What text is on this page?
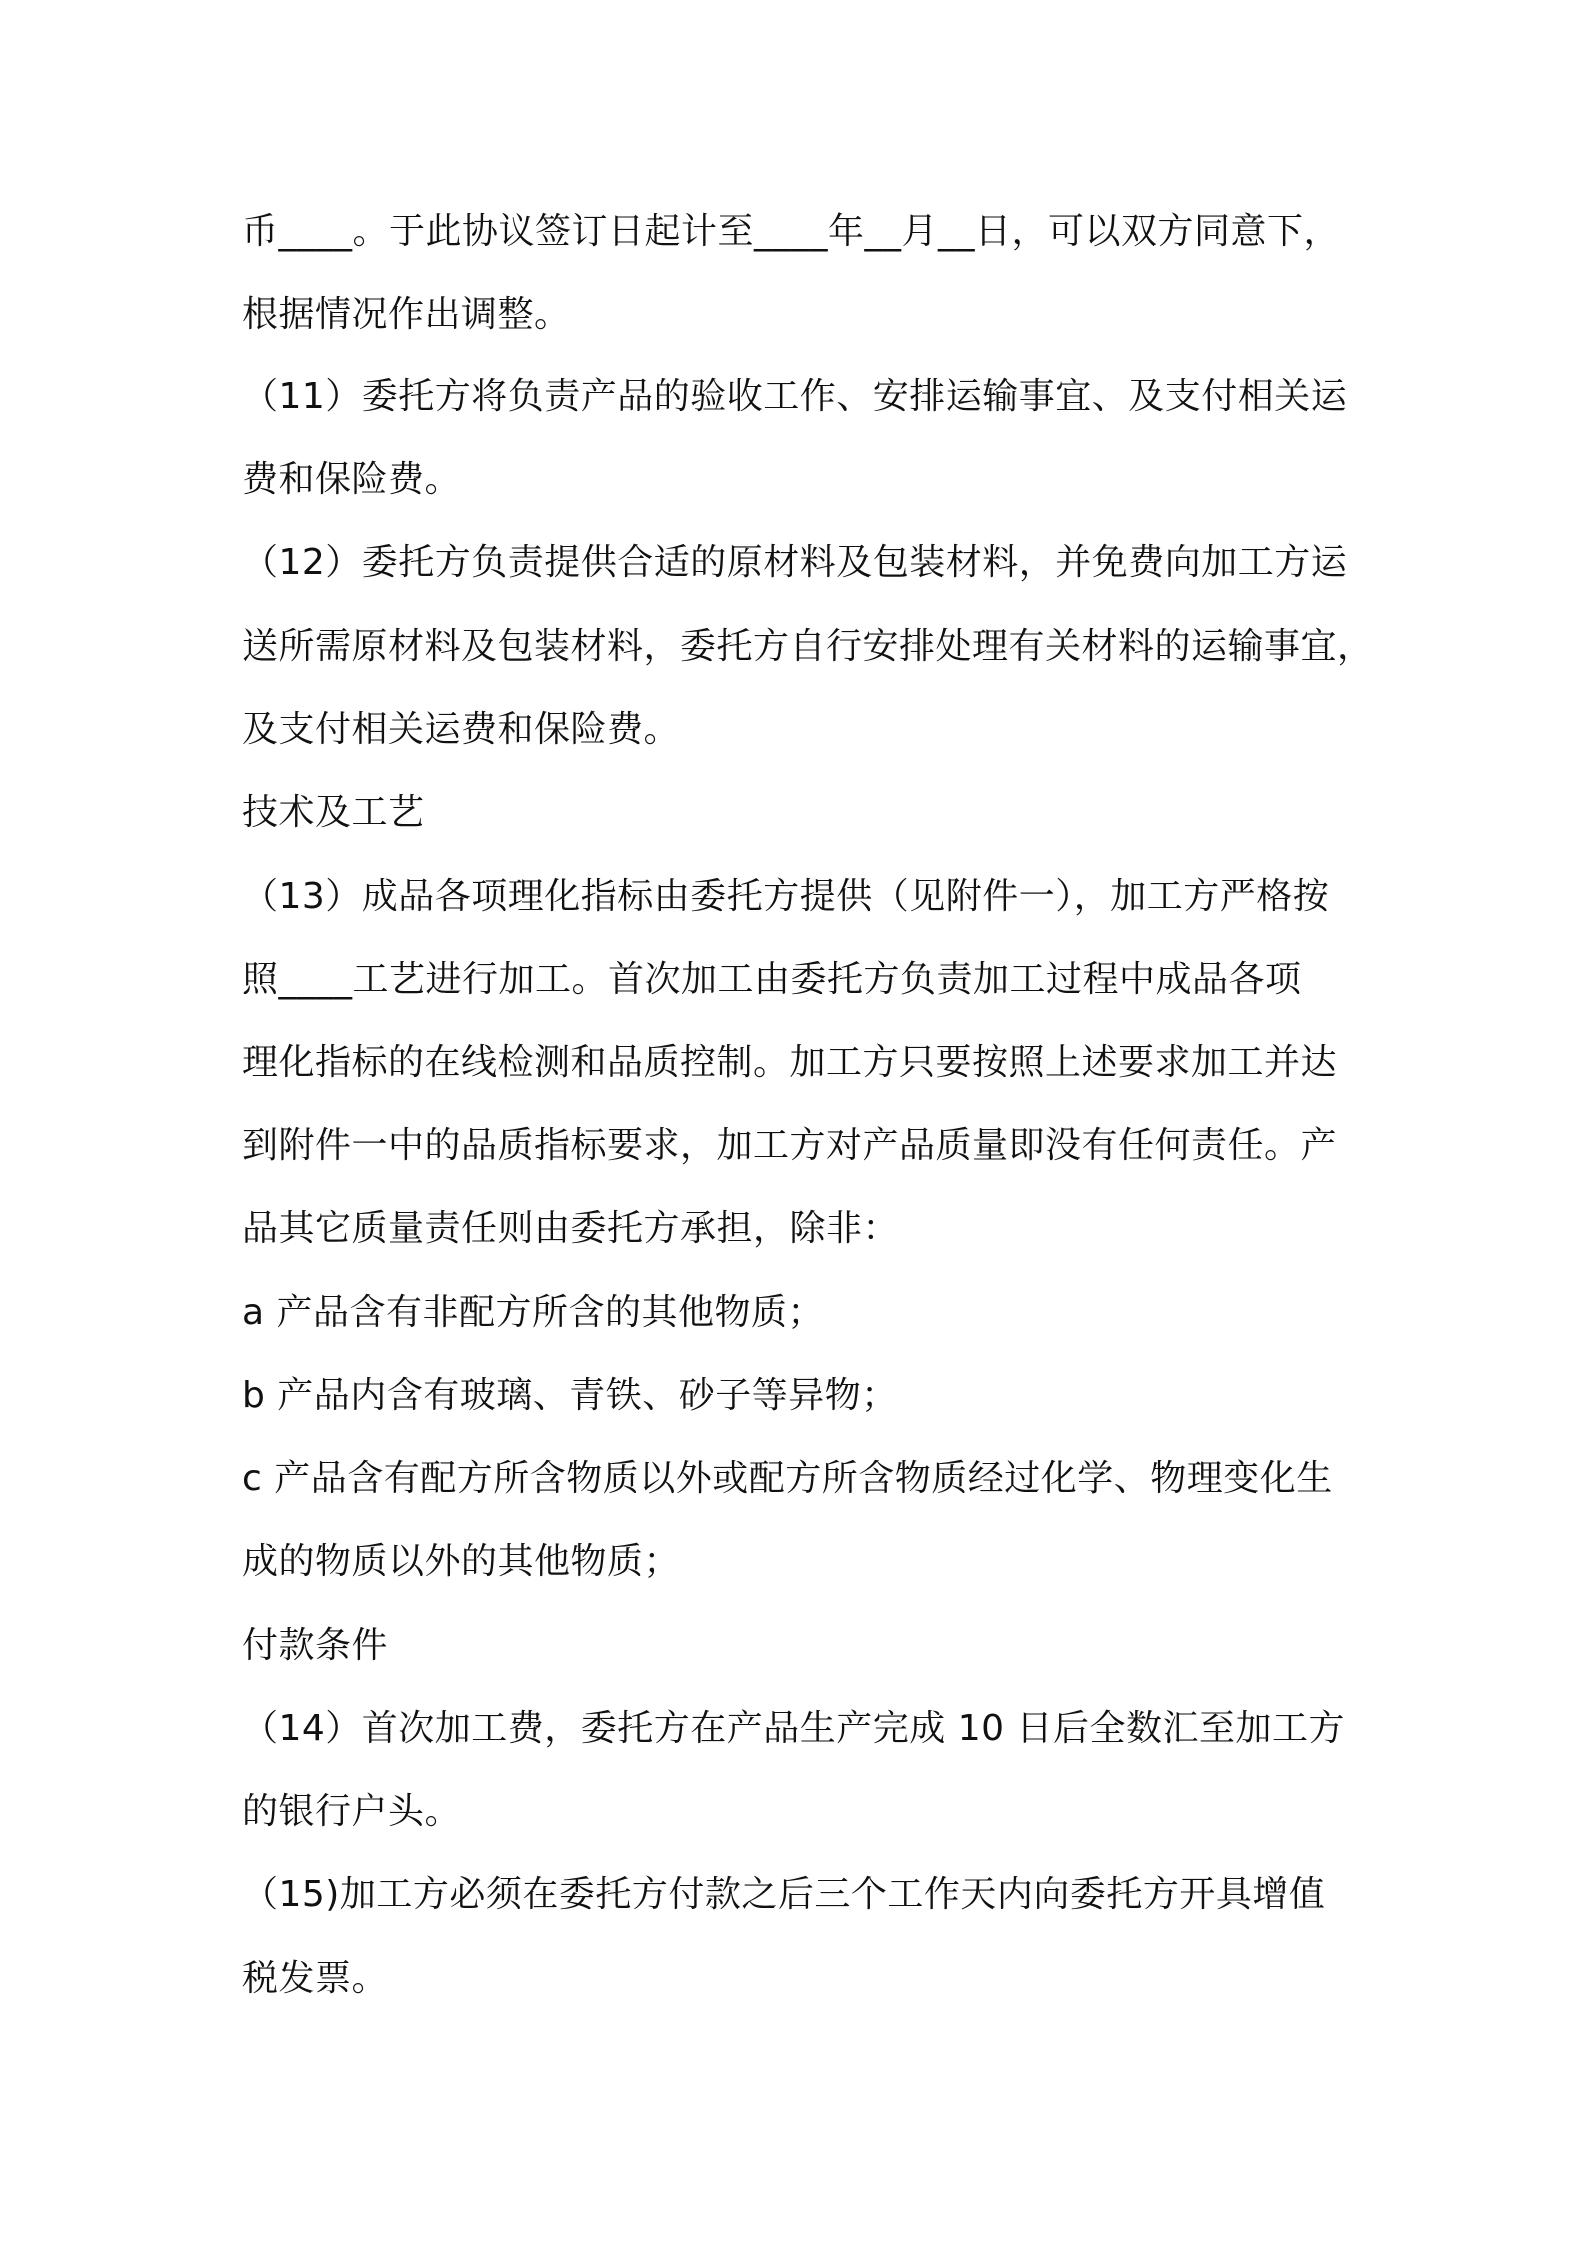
币____。于此协议签订日起计至____年__月__日，可以双方同意下，
根据情况作出调整。
（11）委托方将负责产品的验收工作、安排运输事宜、及支付相关运
费和保险费。
（12）委托方负责提供合适的原材料及包装材料，并免费向加工方运
送所需原材料及包装材料，委托方自行安排处理有关材料的运输事宜，
及支付相关运费和保险费。
技术及工艺
（13）成品各项理化指标由委托方提供（见附件一），加工方严格按
照____工艺进行加工。首次加工由委托方负责加工过程中成品各项
理化指标的在线检测和品质控制。加工方只要按照上述要求加工并达
到附件一中的品质指标要求，加工方对产品质量即没有任何责任。产
品其它质量责任则由委托方承担，除非：
a 产品含有非配方所含的其他物质；
b 产品内含有玻璃、青铁、砂子等异物；
c 产品含有配方所含物质以外或配方所含物质经过化学、物理变化生
成的物质以外的其他物质；
付款条件
（14）首次加工费，委托方在产品生产完成 10 日后全数汇至加工方
的银行户头。
（15)加工方必须在委托方付款之后三个工作天内向委托方开具增值
税发票。
